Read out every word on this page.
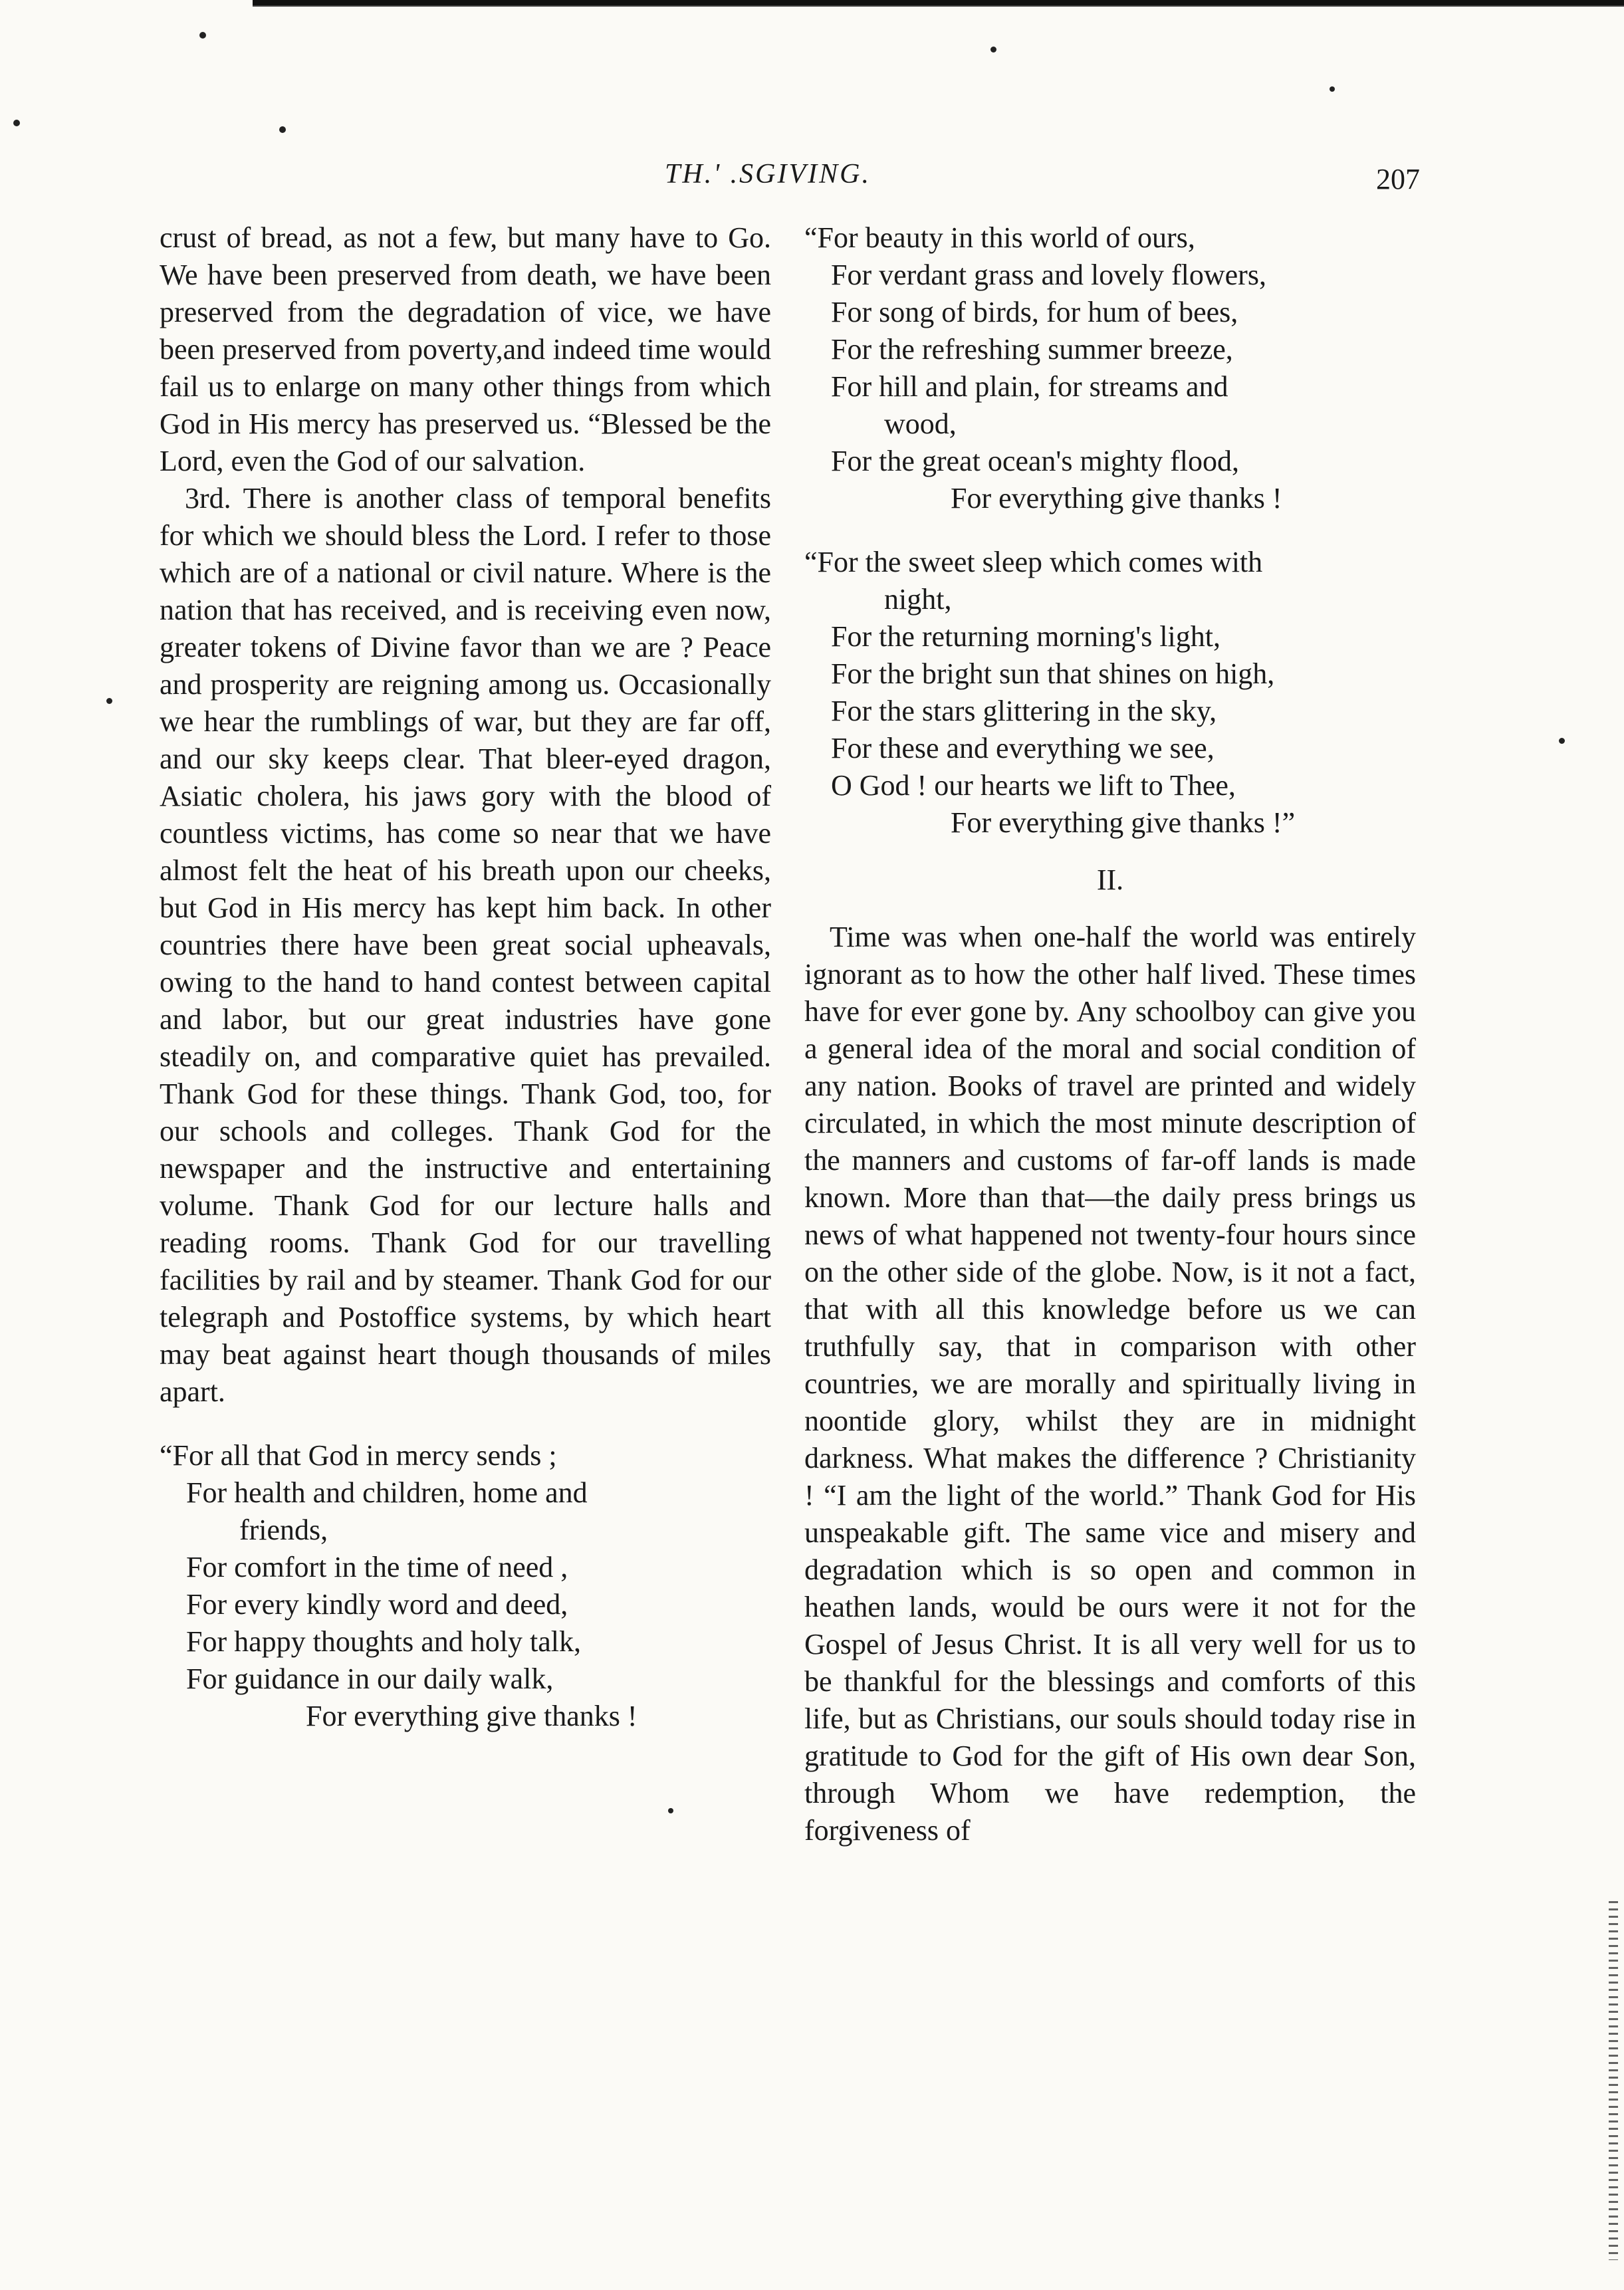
TH.' .SGIVING.	207

crust of bread, as not a few, but many have to Go. We have been preserved from death, we have been preserved from the degradation of vice, we have been preserved from poverty,and indeed time would fail us to enlarge on many other things from which God in His mercy has preserved us. “Blessed be the Lord, even the God of our salvation.

3rd. There is another class of temporal benefits for which we should bless the Lord. I refer to those which are of a national or civil nature. Where is the nation that has received, and is receiving even now, greater tokens of Divine favor than we are ? Peace and prosperity are reigning among us. Occasionally we hear the rumblings of war, but they are far off, and our sky keeps clear. That bleer-eyed dragon, Asiatic cholera, his jaws gory with the blood of countless victims, has come so near that we have almost felt the heat of his breath upon our cheeks, but God in His mercy has kept him back. In other countries there have been great social upheavals, owing to the hand to hand contest between capital and labor, but our great industries have gone steadily on, and comparative quiet has prevailed. Thank God for these things. Thank God, too, for our schools and colleges. Thank God for the newspaper and the instructive and entertaining volume. Thank God for our lecture halls and reading rooms. Thank God for our travelling facilities by rail and by steamer. Thank God for our telegraph and Postoffice systems, by which heart may beat against heart though thousands of miles apart.

“For all that God in mercy sends ;
For health and children, home and
friends,
For comfort in the time of need ,
For every kindly word and deed,
For happy thoughts and holy talk,
For guidance in our daily walk,
For everything give thanks !
“For beauty in this world of ours,
For verdant grass and lovely flowers,
For song of birds, for hum of bees,
For the refreshing summer breeze,
For hill and plain, for streams and
wood,
For the great ocean's mighty flood,
For everything give thanks !
“For the sweet sleep which comes with
night,
For the returning morning's light,
For the bright sun that shines on high,
For the stars glittering in the sky,
For these and everything we see,
O God ! our hearts we lift to Thee,
For everything give thanks !”
II.

Time was when one-half the world was entirely ignorant as to how the other half lived. These times have for ever gone by. Any schoolboy can give you a general idea of the moral and social condition of any nation. Books of travel are printed and widely circulated, in which the most minute description of the manners and customs of far-off lands is made known. More than that—the daily press brings us news of what happened not twenty-four hours since on the other side of the globe. Now, is it not a fact, that with all this knowledge before us we can truthfully say, that in comparison with other countries, we are morally and spiritually living in noontide glory, whilst they are in midnight darkness. What makes the difference ? Christianity ! “I am the light of the world.” Thank God for His unspeakable gift. The same vice and misery and degradation which is so open and common in heathen lands, would be ours were it not for the Gospel of Jesus Christ. It is all very well for us to be thankful for the blessings and comforts of this life, but as Christians, our souls should today rise in gratitude to God for the gift of His own dear Son, through Whom we have redemption, the forgiveness of
